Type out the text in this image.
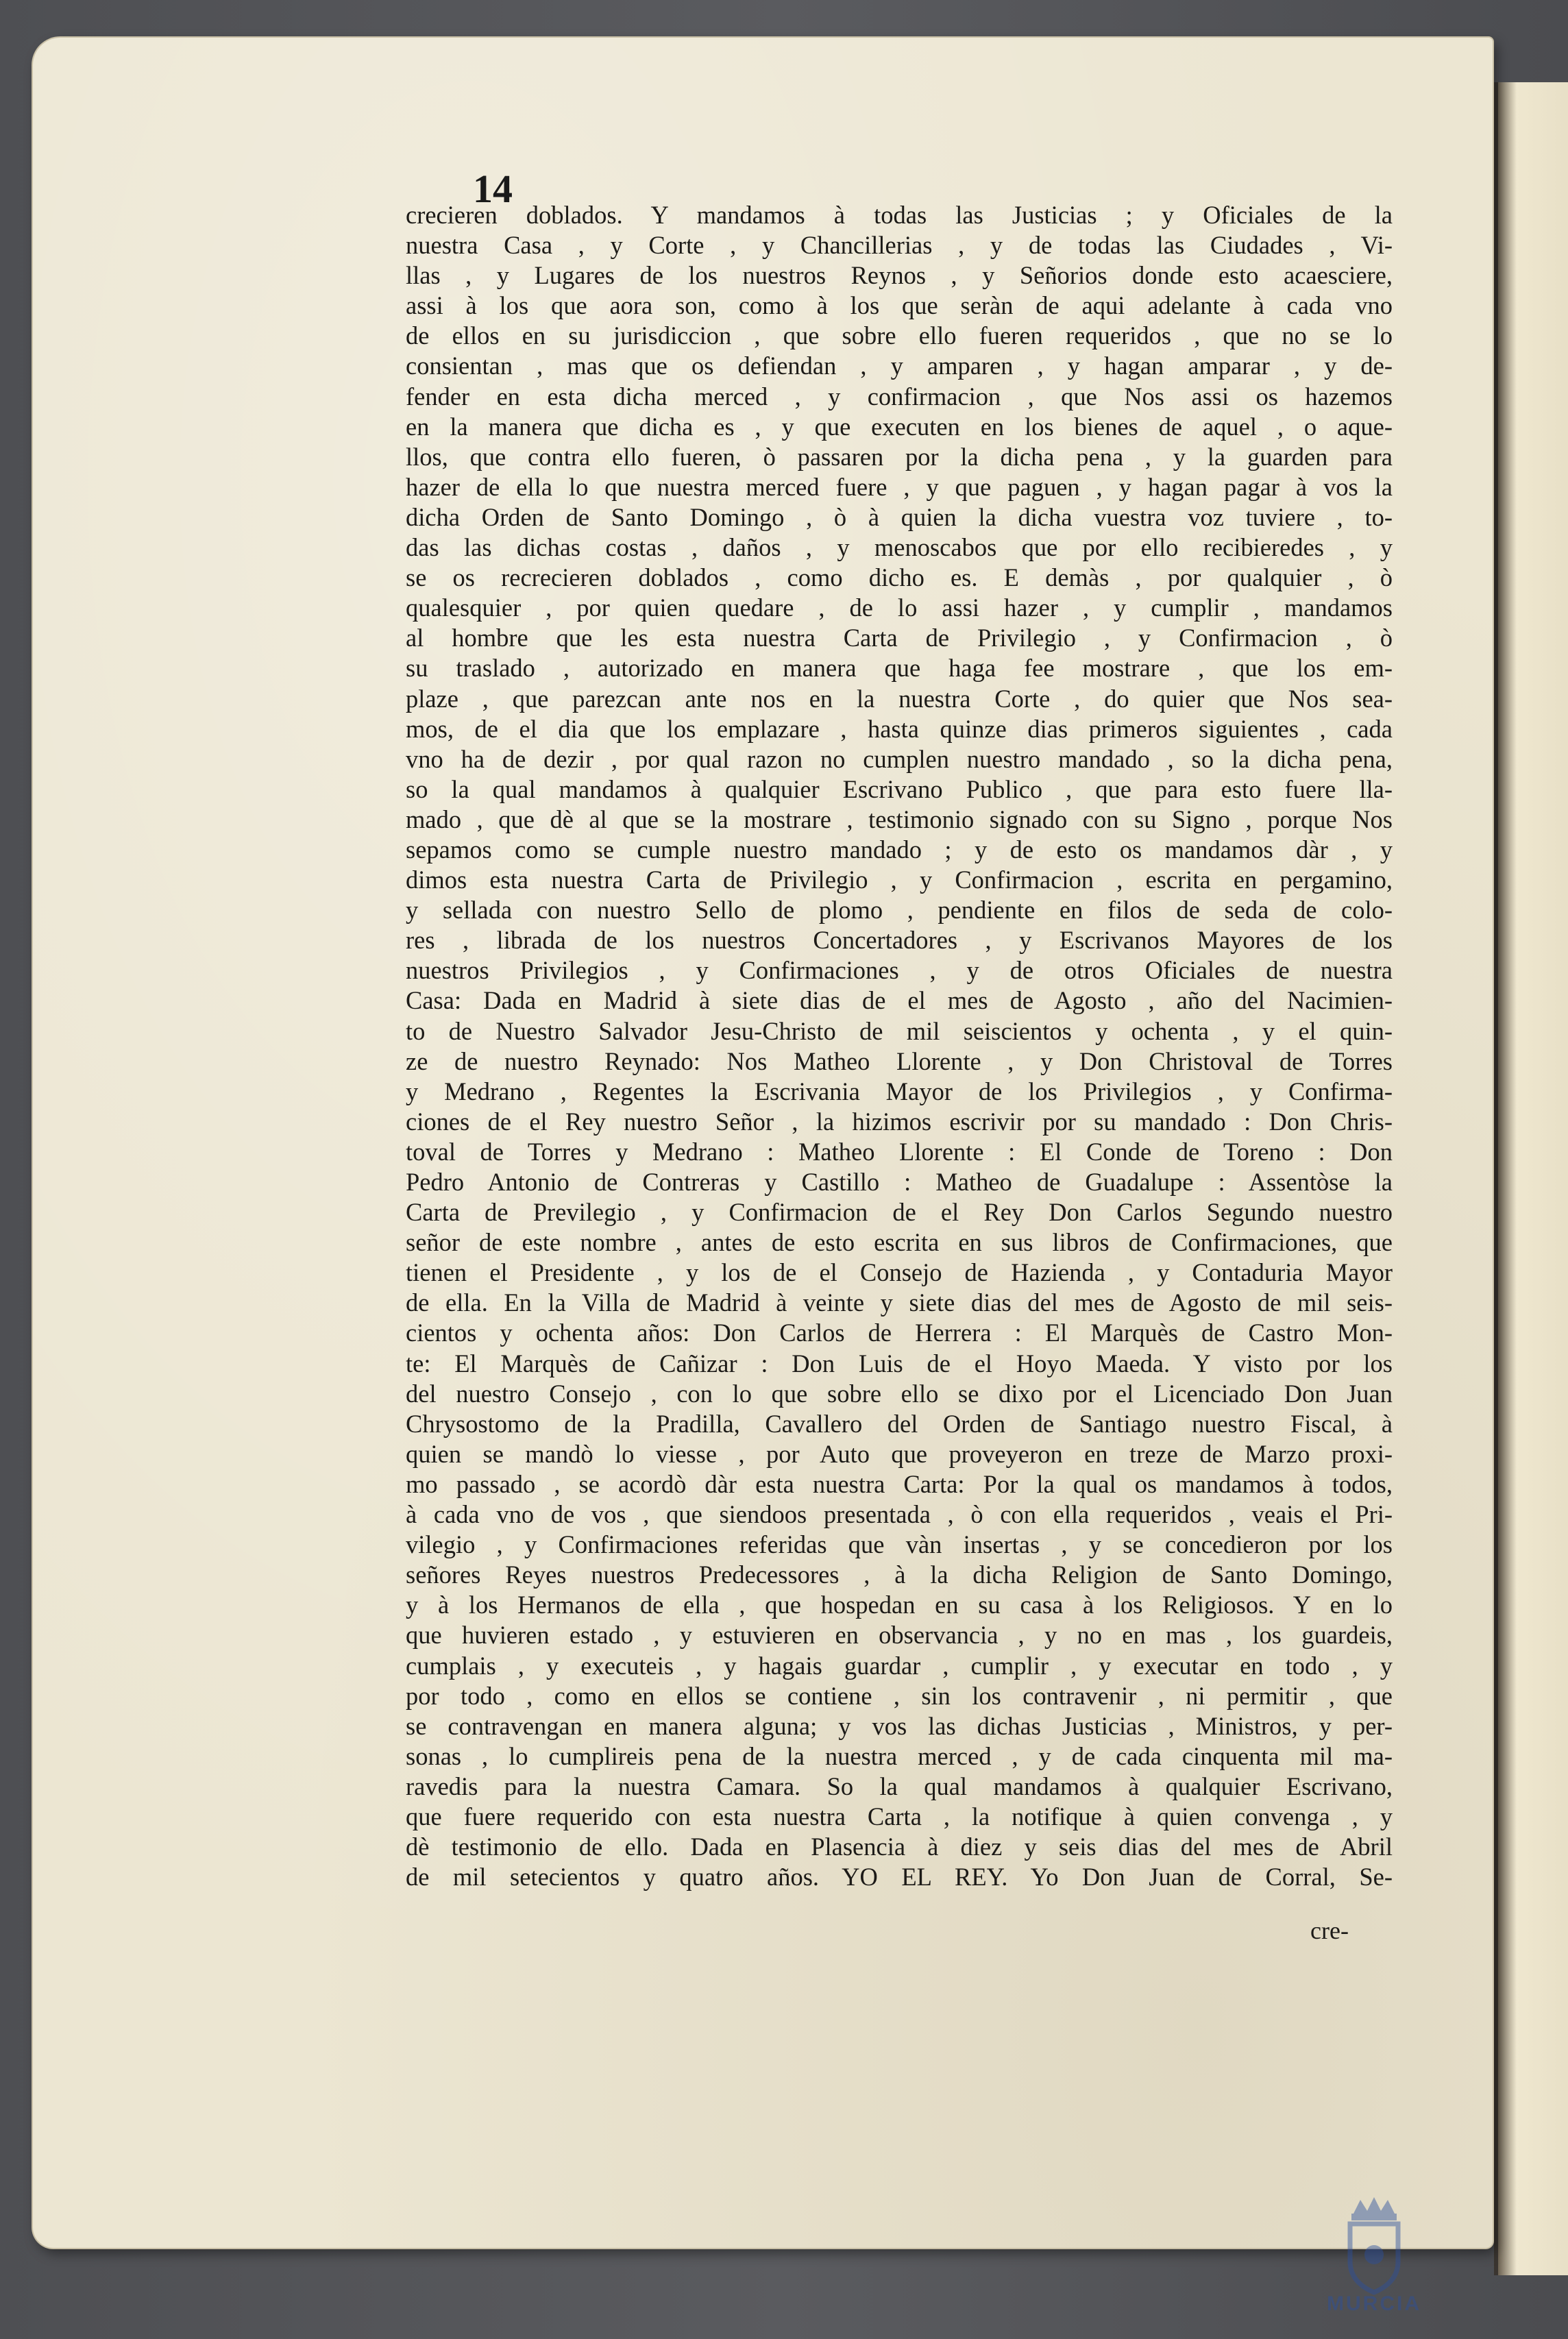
14
crecieren doblados. Y mandamos à todas las Justicias ; y Oficiales de la
nuestra Casa , y Corte , y Chancillerias , y de todas las Ciudades , Vi-
llas , y Lugares de los nuestros Reynos , y Señorios donde esto acaesciere,
assi à los que aora son, como à los que seràn de aqui adelante à cada vno
de ellos en su jurisdiccion , que sobre ello fueren requeridos , que no se lo
consientan , mas que os defiendan , y amparen , y hagan amparar , y de-
fender en esta dicha merced , y confirmacion , que Nos assi os hazemos
en la manera que dicha es , y que executen en los bienes de aquel , o aque-
llos, que contra ello fueren, ò passaren por la dicha pena , y la guarden para
hazer de ella lo que nuestra merced fuere , y que paguen , y hagan pagar à vos la
dicha Orden de Santo Domingo , ò à quien la dicha vuestra voz tuviere , to-
das las dichas costas , daños , y menoscabos que por ello recibieredes , y
se os recrecieren doblados , como dicho es. E demàs , por qualquier , ò
qualesquier , por quien quedare , de lo assi hazer , y cumplir , mandamos
al hombre que les esta nuestra Carta de Privilegio , y Confirmacion , ò
su traslado , autorizado en manera que haga fee mostrare , que los em-
plaze , que parezcan ante nos en la nuestra Corte , do quier que Nos sea-
mos, de el dia que los emplazare , hasta quinze dias primeros siguientes , cada
vno ha de dezir , por qual razon no cumplen nuestro mandado , so la dicha pena,
so la qual mandamos à qualquier Escrivano Publico , que para esto fuere lla-
mado , que dè al que se la mostrare , testimonio signado con su Signo , porque Nos
sepamos como se cumple nuestro mandado ; y de esto os mandamos dàr , y
dimos esta nuestra Carta de Privilegio , y Confirmacion , escrita en pergamino,
y sellada con nuestro Sello de plomo , pendiente en filos de seda de colo-
res , librada de los nuestros Concertadores , y Escrivanos Mayores de los
nuestros Privilegios , y Confirmaciones , y de otros Oficiales de nuestra
Casa: Dada en Madrid à siete dias de el mes de Agosto , año del Nacimien-
to de Nuestro Salvador Jesu-Christo de mil seiscientos y ochenta , y el quin-
ze de nuestro Reynado: Nos Matheo Llorente , y Don Christoval de Torres
y Medrano , Regentes la Escrivania Mayor de los Privilegios , y Confirma-
ciones de el Rey nuestro Señor , la hizimos escrivir por su mandado : Don Chris-
toval de Torres y Medrano : Matheo Llorente : El Conde de Toreno : Don
Pedro Antonio de Contreras y Castillo : Matheo de Guadalupe : Assentòse la
Carta de Previlegio , y Confirmacion de el Rey Don Carlos Segundo nuestro
señor de este nombre , antes de esto escrita en sus libros de Confirmaciones, que
tienen el Presidente , y los de el Consejo de Hazienda , y Contaduria Mayor
de ella. En la Villa de Madrid à veinte y siete dias del mes de Agosto de mil seis-
cientos y ochenta años: Don Carlos de Herrera : El Marquès de Castro Mon-
te: El Marquès de Cañizar : Don Luis de el Hoyo Maeda. Y visto por los
del nuestro Consejo , con lo que sobre ello se dixo por el Licenciado Don Juan
Chrysostomo de la Pradilla, Cavallero del Orden de Santiago nuestro Fiscal, à
quien se mandò lo viesse , por Auto que proveyeron en treze de Marzo proxi-
mo passado , se acordò dàr esta nuestra Carta: Por la qual os mandamos à todos,
à cada vno de vos , que siendoos presentada , ò con ella requeridos , veais el Pri-
vilegio , y Confirmaciones referidas que vàn insertas , y se concedieron por los
señores Reyes nuestros Predecessores , à la dicha Religion de Santo Domingo,
y à los Hermanos de ella , que hospedan en su casa à los Religiosos. Y en lo
que huvieren estado , y estuvieren en observancia , y no en mas , los guardeis,
cumplais , y executeis , y hagais guardar , cumplir , y executar en todo , y
por todo , como en ellos se contiene , sin los contravenir , ni permitir , que
se contravengan en manera alguna; y vos las dichas Justicias , Ministros, y per-
sonas , lo cumplireis pena de la nuestra merced , y de cada cinquenta mil ma-
ravedis para la nuestra Camara. So la qual mandamos à qualquier Escrivano,
que fuere requerido con esta nuestra Carta , la notifique à quien convenga , y
dè testimonio de ello. Dada en Plasencia à diez y seis dias del mes de Abril
de mil setecientos y quatro años. YO EL REY. Yo Don Juan de Corral, Se-
cre-
MURCIA
